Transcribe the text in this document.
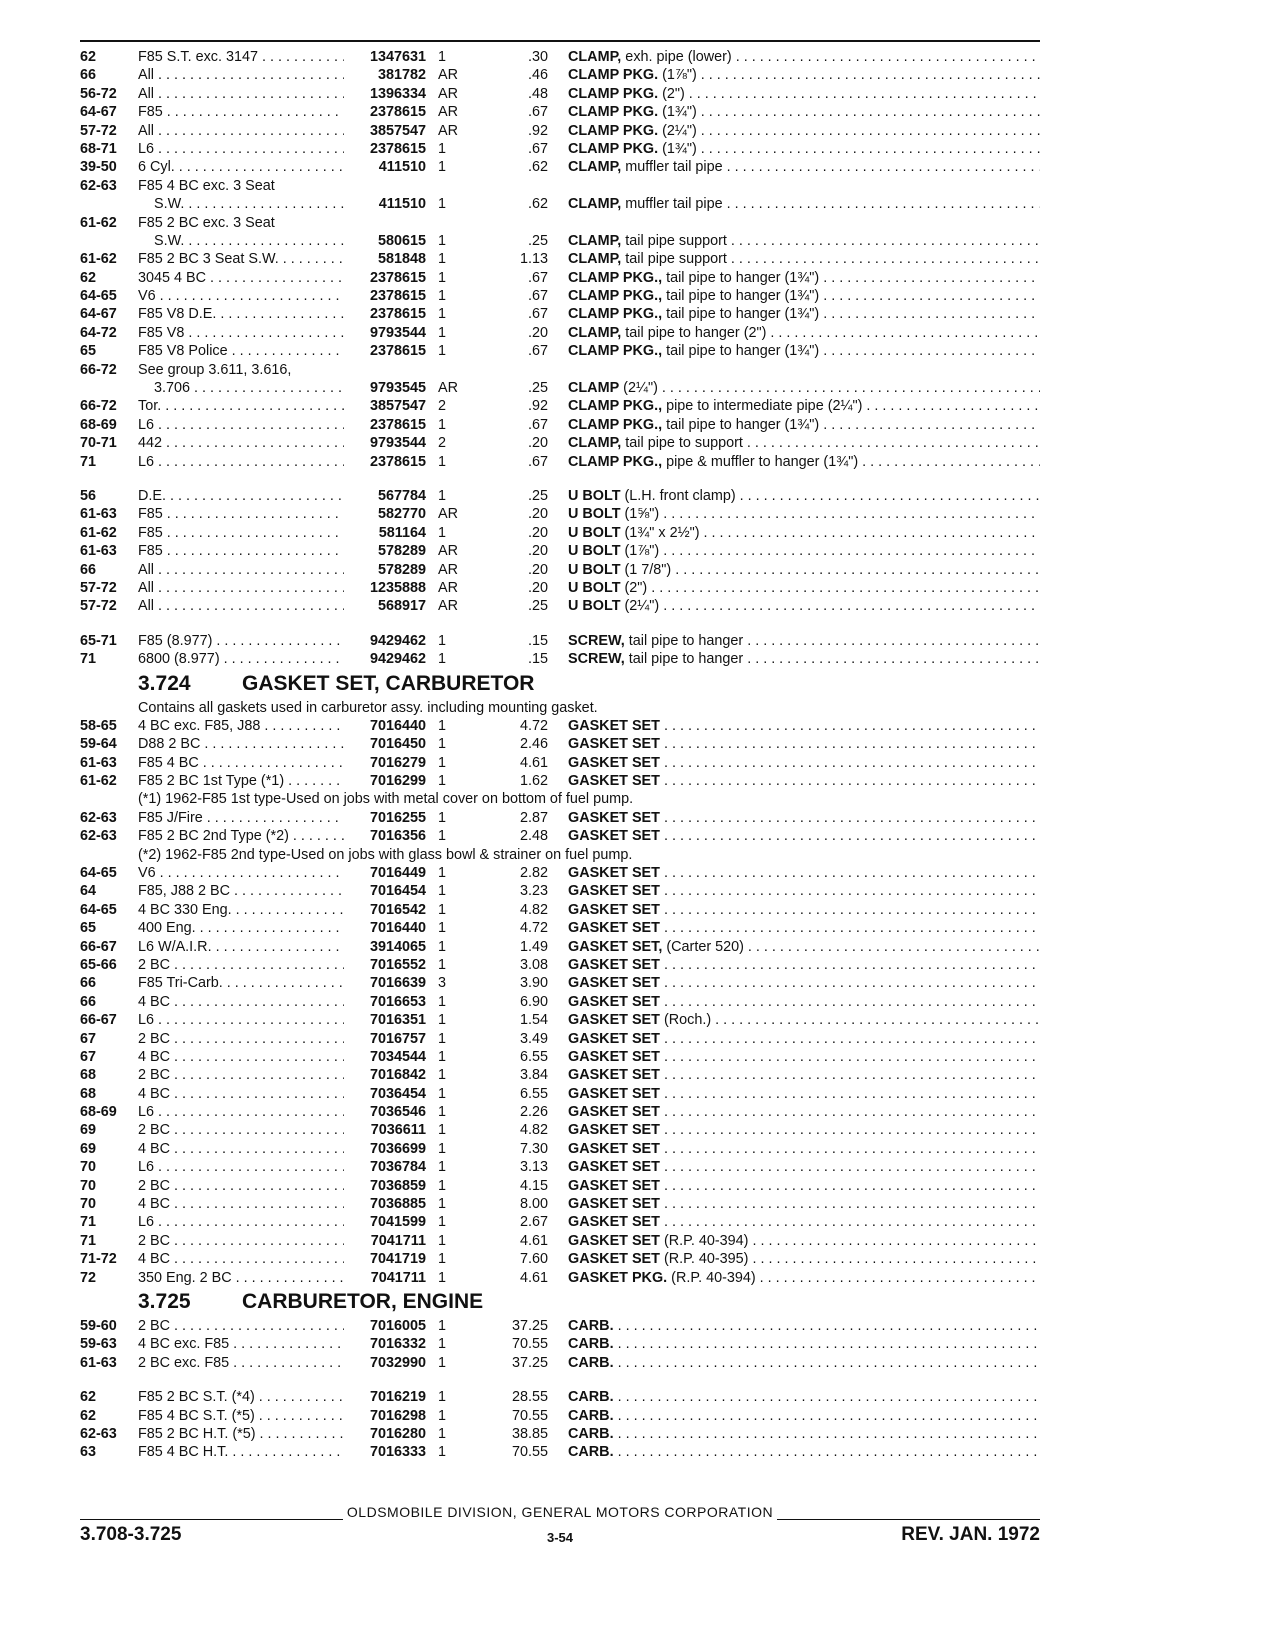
62	F85 S.T. exc. 3147 . . .	1347631 1	.30	CLAMP, exh. pipe (lower) . . .
66	All . . .	381782 AR	.46	CLAMP PKG. (1⅞") . . .
56-72	All . . .	1396334 AR	.48	CLAMP PKG. (2") . . .
64-67	F85 . . .	2378615 AR	.67	CLAMP PKG. (1¾") . . .
57-72	All . . .	3857547 AR	.92	CLAMP PKG. (2¼") . . .
68-71	L6 . . .	2378615 1	.67	CLAMP PKG. (1¾") . . .
39-50	6 Cyl. . . .	411510 1	.62	CLAMP, muffler tail pipe . . .
62-63	F85 4 BC exc. 3 Seat
S.W. . . .	411510 1	.62	CLAMP, muffler tail pipe . . .
61-62	F85 2 BC exc. 3 Seat
S.W. . . .	580615 1	.25	CLAMP, tail pipe support . . .
61-62	F85 2 BC 3 Seat S.W. . . .	581848 1	1.13	CLAMP, tail pipe support . . .
62	3045 4 BC . . .	2378615 1	.67	CLAMP PKG., tail pipe to hanger (1¾") . . .
64-65	V6 . . .	2378615 1	.67	CLAMP PKG., tail pipe to hanger (1¾") . . .
64-67	F85 V8 D.E. . . .	2378615 1	.67	CLAMP PKG., tail pipe to hanger (1¾") . . .
64-72	F85 V8 . . .	9793544 1	.20	CLAMP, tail pipe to hanger (2") . . .
65	F85 V8 Police . . .	2378615 1	.67	CLAMP PKG., tail pipe to hanger (1¾") . . .
66-72	See group 3.611, 3.616,
3.706 . . .	9793545 AR	.25	CLAMP (2¼") . . .
66-72	Tor. . . .	3857547 2	.92	CLAMP PKG., pipe to intermediate pipe (2¼") . . .
68-69	L6 . . .	2378615 1	.67	CLAMP PKG., tail pipe to hanger (1¾") . . .
70-71	442 . . .	9793544 2	.20	CLAMP, tail pipe to support . . .
71	L6 . . .	2378615 1	.67	CLAMP PKG., pipe & muffler to hanger (1¾") . . .
56	D.E. . . .	567784 1	.25	U BOLT (L.H. front clamp) . . .
61-63	F85 . . .	582770 AR	.20	U BOLT (1⅝") . . .
61-62	F85 . . .	581164 1	.20	U BOLT (1¾" x 2½") . . .
61-63	F85 . . .	578289 AR	.20	U BOLT (1⅞") . . .
66	All . . .	578289 AR	.20	U BOLT (1 7/8") . . .
57-72	All . . .	1235888 AR	.20	U BOLT (2") . . .
57-72	All . . .	568917 AR	.25	U BOLT (2¼") . . .
65-71	F85 (8.977) . . .	9429462 1	.15	SCREW, tail pipe to hanger . . .
71	6800 (8.977) . . .	9429462 1	.15	SCREW, tail pipe to hanger . . .
3.724	GASKET SET, CARBURETOR
Contains all gaskets used in carburetor assy. including mounting gasket.
58-65	4 BC exc. F85, J88 . . .	7016440 1	4.72	GASKET SET . . .
59-64	D88 2 BC . . .	7016450 1	2.46	GASKET SET . . .
61-63	F85 4 BC . . .	7016279 1	4.61	GASKET SET . . .
61-62	F85 2 BC 1st Type (*1) . . .	7016299 1	1.62	GASKET SET . . .
(*1) 1962-F85 1st type-Used on jobs with metal cover on bottom of fuel pump.
62-63	F85 J/Fire . . .	7016255 1	2.87	GASKET SET . . .
62-63	F85 2 BC 2nd Type (*2) . . . .	7016356 1	2.48	GASKET SET . . .
(*2) 1962-F85 2nd type-Used on jobs with glass bowl & strainer on fuel pump.
64-65	V6 . . .	7016449 1	2.82	GASKET SET . . .
64	F85, J88 2 BC . . .	7016454 1	3.23	GASKET SET . . .
64-65	4 BC 330 Eng. . . .	7016542 1	4.82	GASKET SET . . .
65	400 Eng. . . .	7016440 1	4.72	GASKET SET . . .
66-67	L6 W/A.I.R. . . .	3914065 1	1.49	GASKET SET, (Carter 520) . . .
65-66	2 BC . . .	7016552 1	3.08	GASKET SET . . .
66	F85 Tri-Carb. . . .	7016639 3	3.90	GASKET SET . . .
66	4 BC . . .	7016653 1	6.90	GASKET SET . . .
66-67	L6 . . .	7016351 1	1.54	GASKET SET (Roch.) . . .
67	2 BC . . .	7016757 1	3.49	GASKET SET . . .
67	4 BC . . .	7034544 1	6.55	GASKET SET . . .
68	2 BC . . .	7016842 1	3.84	GASKET SET . . .
68	4 BC . . .	7036454 1	6.55	GASKET SET . . .
68-69	L6 . . .	7036546 1	2.26	GASKET SET . . .
69	2 BC . . .	7036611 1	4.82	GASKET SET . . .
69	4 BC . . .	7036699 1	7.30	GASKET SET . . .
70	L6 . . .	7036784 1	3.13	GASKET SET . . .
70	2 BC . . .	7036859 1	4.15	GASKET SET . . .
70	4 BC . . .	7036885 1	8.00	GASKET SET . . .
71	L6 . . .	7041599 1	2.67	GASKET SET . . .
71	2 BC . . .	7041711 1	4.61	GASKET SET (R.P. 40-394) . . .
71-72	4 BC . . .	7041719 1	7.60	GASKET SET (R.P. 40-395) . . .
72	350 Eng. 2 BC . . .	7041711 1	4.61	GASKET PKG. (R.P. 40-394) . . .
3.725	CARBURETOR, ENGINE
59-60	2 BC . . .	7016005 1	37.25	CARB. . . .
59-63	4 BC exc. F85 . . .	7016332 1	70.55	CARB. . . .
61-63	2 BC exc. F85 . . .	7032990 1	37.25	CARB. . . .
62	F85 2 BC S.T. (*4) . . .	7016219 1	28.55	CARB. . . .
62	F85 4 BC S.T. (*5) . . .	7016298 1	70.55	CARB. . . .
62-63	F85 2 BC H.T. (*5) . . .	7016280 1	38.85	CARB. . . .
63	F85 4 BC H.T. . . .	7016333 1	70.55	CARB. . . .
OLDSMOBILE DIVISION, GENERAL MOTORS CORPORATION
3.708-3.725	REV. JAN. 1972
3-54
